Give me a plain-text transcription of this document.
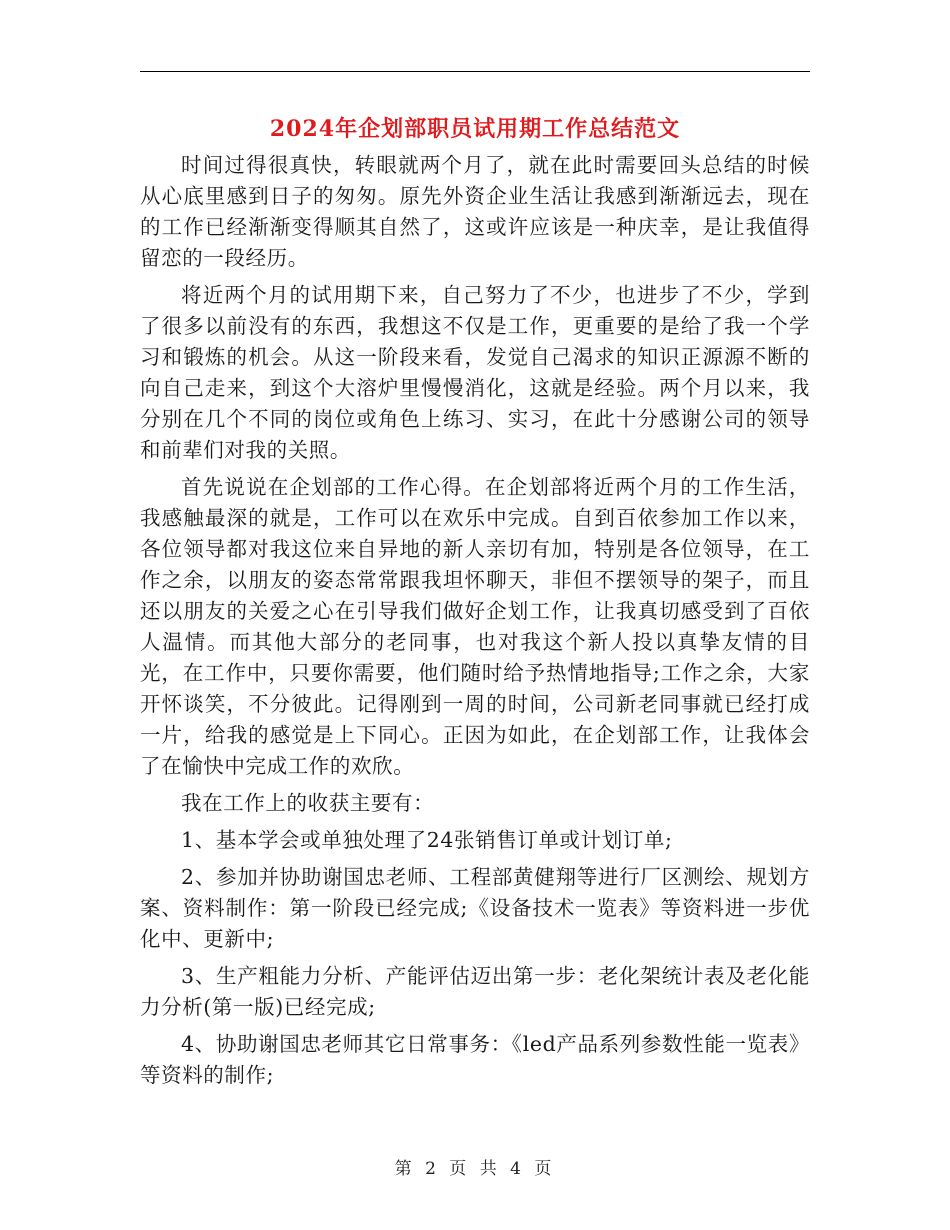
2024年企划部职员试用期工作总结范文

时间过得很真快，转眼就两个月了，就在此时需要回头总结的时候从心底里感到日子的匆匆。原先外资企业生活让我感到渐渐远去，现在的工作已经渐渐变得顺其自然了，这或许应该是一种庆幸，是让我值得留恋的一段经历。

将近两个月的试用期下来，自己努力了不少，也进步了不少，学到了很多以前没有的东西，我想这不仅是工作，更重要的是给了我一个学习和锻炼的机会。从这一阶段来看，发觉自己渴求的知识正源源不断的向自己走来，到这个大溶炉里慢慢消化，这就是经验。两个月以来，我分别在几个不同的岗位或角色上练习、实习，在此十分感谢公司的领导和前辈们对我的关照。

首先说说在企划部的工作心得。在企划部将近两个月的工作生活，我感触最深的就是，工作可以在欢乐中完成。自到百依参加工作以来，各位领导都对我这位来自异地的新人亲切有加，特别是各位领导，在工作之余，以朋友的姿态常常跟我坦怀聊天，非但不摆领导的架子，而且还以朋友的关爱之心在引导我们做好企划工作，让我真切感受到了百依人温情。而其他大部分的老同事，也对我这个新人投以真挚友情的目光，在工作中，只要你需要，他们随时给予热情地指导;工作之余，大家开怀谈笑，不分彼此。记得刚到一周的时间，公司新老同事就已经打成一片，给我的感觉是上下同心。正因为如此，在企划部工作，让我体会了在愉快中完成工作的欢欣。

我在工作上的收获主要有：

1、基本学会或单独处理了24张销售订单或计划订单;

2、参加并协助谢国忠老师、工程部黄健翔等进行厂区测绘、规划方案、资料制作：第一阶段已经完成;《设备技术一览表》等资料进一步优化中、更新中;

3、生产粗能力分析、产能评估迈出第一步：老化架统计表及老化能力分析(第一版)已经完成;

4、协助谢国忠老师其它日常事务：《led产品系列参数性能一览表》等资料的制作;

第 2 页 共 4 页
